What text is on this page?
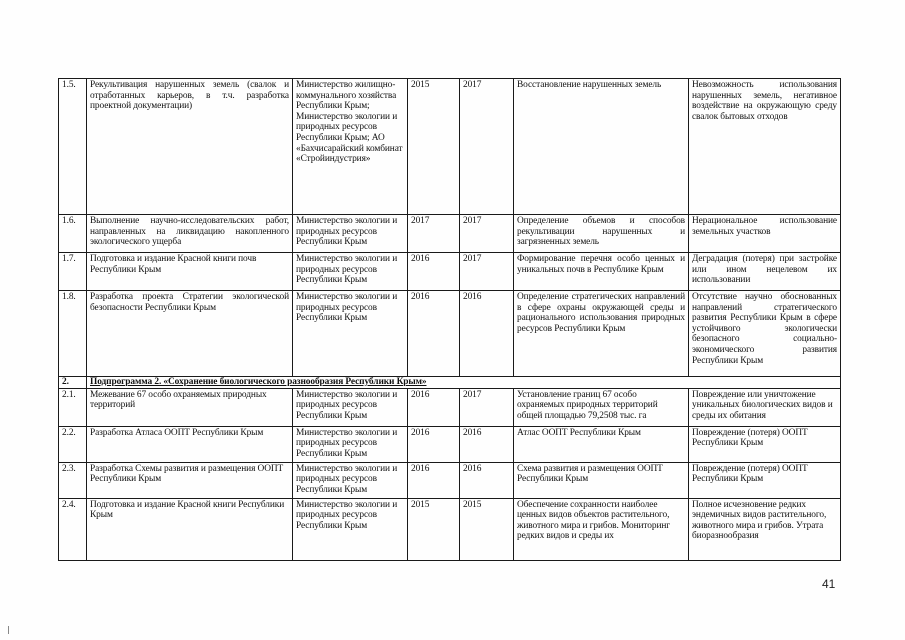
1.5.	Рекультивация нарушенных земель (свалок и отработанных карьеров, в т.ч. разработка проектной документации)	Министерство жилищно-коммунального хозяйства Республики Крым; Министерство экологии и природных ресурсов Республики Крым; АО «Бахчисарайский комбинат «Стройиндустрия»	2015	2017	Восстановление нарушенных земель	Невозможность использования нарушенных земель, негативное воздействие на окружающую среду свалок бытовых отходов
1.6.	Выполнение научно-исследовательских работ, направленных на ликвидацию накопленного экологического ущерба	Министерство экологии и природных ресурсов Республики Крым	2017	2017	Определение объемов и способов рекультивации нарушенных и загрязненных земель	Нерациональное использование земельных участков
1.7.	Подготовка и издание Красной книги почв Республики Крым	Министерство экологии и природных ресурсов Республики Крым	2016	2017	Формирование перечня особо ценных и уникальных почв в Республике Крым	Деградация (потеря) при застройке или ином нецелевом их использовании
1.8.	Разработка проекта Стратегии экологической безопасности Республики Крым	Министерство экологии и природных ресурсов Республики Крым	2016	2016	Определение стратегических направлений в сфере охраны окружающей среды и рационального использования природных ресурсов Республики Крым	Отсутствие научно обоснованных направлений стратегического развития Республики Крым в сфере устойчивого экологически безопасного социально-экономического развития Республики Крым
2.	Подпрограмма 2. «Сохранение биологического разнообразия Республики Крым»					
2.1.	Межевание 67 особо охраняемых природных территорий	Министерство экологии и природных ресурсов Республики Крым	2016	2017	Установление границ 67 особо охраняемых природных территорий общей площадью 79,2508 тыс. га	Повреждение или уничтожение уникальных биологических видов и среды их обитания
2.2.	Разработка Атласа ООПТ Республики Крым	Министерство экологии и природных ресурсов Республики Крым	2016	2016	Атлас ООПТ Республики Крым	Повреждение (потеря) ООПТ Республики Крым
2.3.	Разработка Схемы развития и размещения ООПТ Республики Крым	Министерство экологии и природных ресурсов Республики Крым	2016	2016	Схема развития и размещения ООПТ Республики Крым	Повреждение (потеря) ООПТ Республики Крым
2.4.	Подготовка и издание Красной книги Республики Крым	Министерство экологии и природных ресурсов Республики Крым	2015	2015	Обеспечение сохранности наиболее ценных видов объектов растительного, животного мира и грибов. Мониторинг редких видов и среды их	Полное исчезновение редких эндемичных видов растительного, животного мира и грибов. Утрата биоразнообразия
41
